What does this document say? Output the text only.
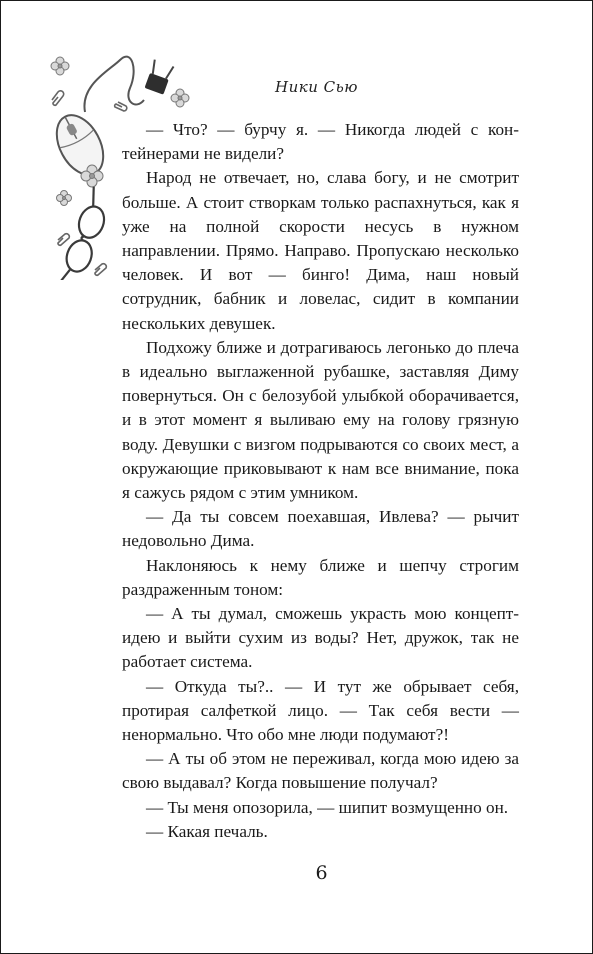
Ники Сью

— Что? — бурчу я. — Никогда людей с контейнерами не видели?

Народ не отвечает, но, слава богу, и не смотрит больше. А стоит створкам только распахнуться, как я уже на полной скорости несусь в нужном направлении. Прямо. Направо. Пропускаю несколько человек. И вот — бинго! Дима, наш новый сотрудник, бабник и ловелас, сидит в компании нескольких девушек.

Подхожу ближе и дотрагиваюсь легонько до плеча в идеально выглаженной рубашке, заставляя Диму повернуться. Он с белозубой улыбкой оборачивается, и в этот момент я выливаю ему на голову грязную воду. Девушки с визгом подрываются со своих мест, а окружающие приковывают к нам все внимание, пока я сажусь рядом с этим умником.

— Да ты совсем поехавшая, Ивлева? — рычит недовольно Дима.

Наклоняюсь к нему ближе и шепчу строгим раздраженным тоном:

— А ты думал, сможешь украсть мою концепт-идею и выйти сухим из воды? Нет, дружок, так не работает система.

— Откуда ты?.. — И тут же обрывает себя, протирая салфеткой лицо. — Так себя вести — ненормально. Что обо мне люди подумают?!

— А ты об этом не переживал, когда мою идею за свою выдавал? Когда повышение получал?

— Ты меня опозорила, — шипит возмущенно он.

— Какая печаль.

6
